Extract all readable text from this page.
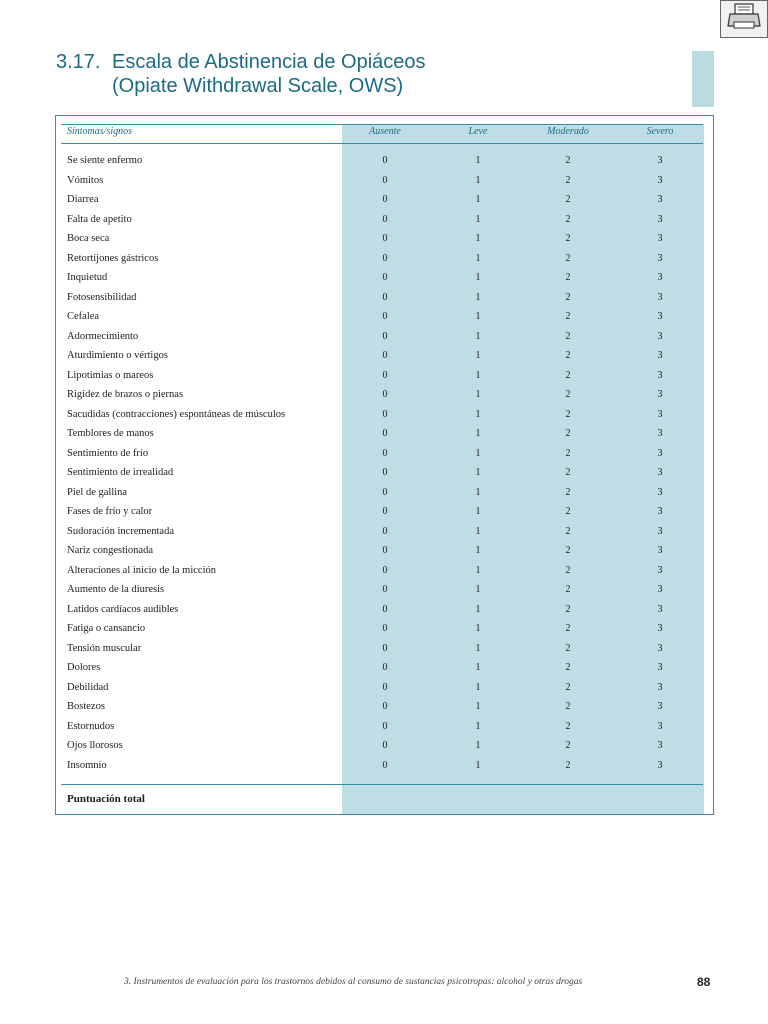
3.17. Escala de Abstinencia de Opiáceos
(Opiate Withdrawal Scale, OWS)
Síntomas/signos	Ausente	Leve	Moderado	Severo
Se siente enfermo	0	1	2	3
Vómitos	0	1	2	3
Diarrea	0	1	2	3
Falta de apetito	0	1	2	3
Boca seca	0	1	2	3
Retortijones gástricos	0	1	2	3
Inquietud	0	1	2	3
Fotosensibilidad	0	1	2	3
Cefalea	0	1	2	3
Adormecimiento	0	1	2	3
Aturdimiento o vértigos	0	1	2	3
Lipotimias o mareos	0	1	2	3
Rigidez de brazos o piernas	0	1	2	3
Sacudidas (contracciones) espontáneas de músculos	0	1	2	3
Temblores de manos	0	1	2	3
Sentimiento de frío	0	1	2	3
Sentimiento de irrealidad	0	1	2	3
Piel de gallina	0	1	2	3
Fases de frío y calor	0	1	2	3
Sudoración incrementada	0	1	2	3
Nariz congestionada	0	1	2	3
Alteraciones al inicio de la micción	0	1	2	3
Aumento de la diuresis	0	1	2	3
Latidos cardíacos audibles	0	1	2	3
Fatiga o cansancio	0	1	2	3
Tensión muscular	0	1	2	3
Dolores	0	1	2	3
Debilidad	0	1	2	3
Bostezos	0	1	2	3
Estornudos	0	1	2	3
Ojos llorosos	0	1	2	3
Insomnio	0	1	2	3
Puntuación total
3. Instrumentos de evaluación para los trastornos debidos al consumo de sustancias psicotropas: alcohol y otras drogas	88
